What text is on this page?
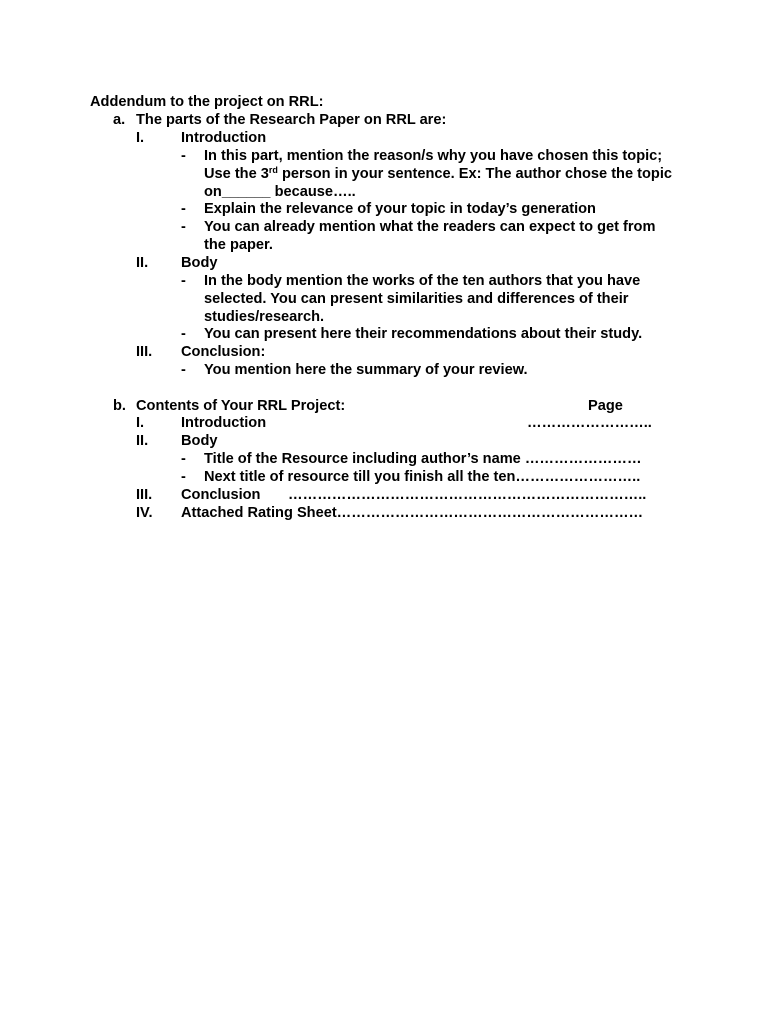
Addendum to the project on RRL:
a. The parts of the Research Paper on RRL are:
I.	Introduction
- In this part, mention the reason/s why you have chosen this topic; Use the 3rd person in your sentence. Ex: The author chose the topic on______ because…..
- Explain the relevance of your topic in today’s generation
- You can already mention what the readers can expect to get from the paper.
II. Body
- In the body mention the works of the ten authors that you have selected. You can present similarities and differences of their studies/research.
- You can present here their recommendations about their study.
III. Conclusion:
- You mention here the summary of your review.
b. Contents of Your RRL Project:	Page
I.	Introduction	……………………..
II. Body
- Title of the Resource including author’s name ……………………
- Next title of resource till you finish all the ten……………………..
III. Conclusion ………………………………………………………………..
IV. Attached Rating Sheet………………………………………………………
